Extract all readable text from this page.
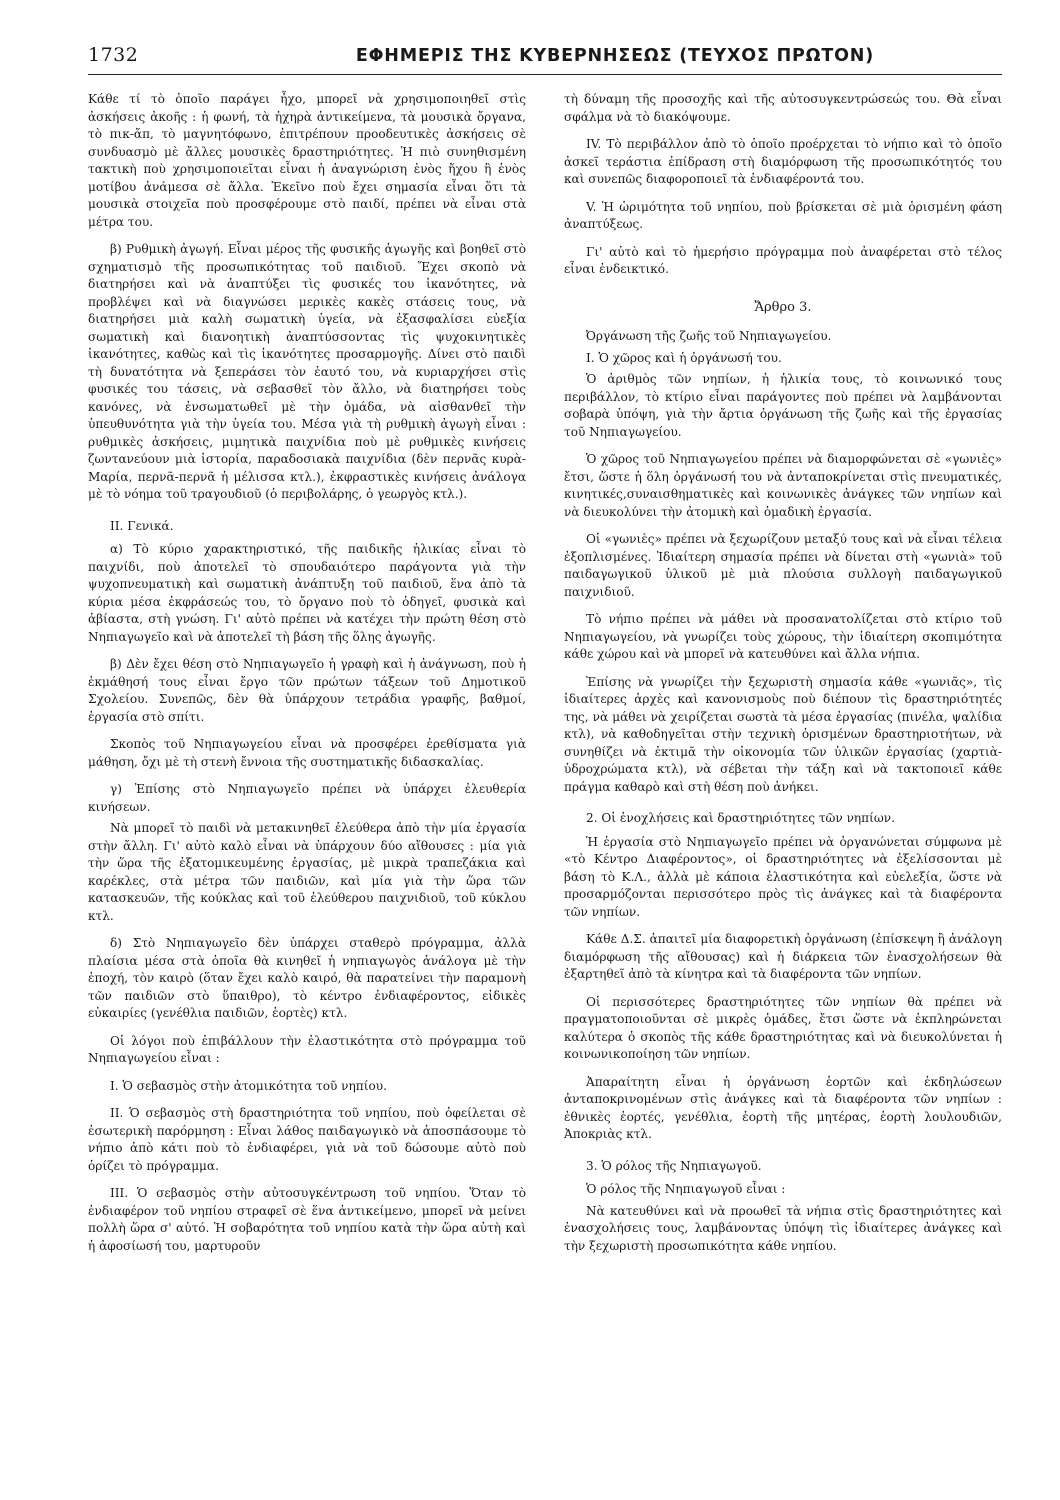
1732	ΕΦΗΜΕΡΙΣ ΤΗΣ ΚΥΒΕΡΝΗΣΕΩΣ (ΤΕΥΧΟΣ ΠΡΩΤΟΝ)

Κάθε τί τὸ ὁποῖο παράγει ἦχο, μπορεῖ νὰ χρησιμοποιηθεῖ στὶς ἀσκήσεις ἀκοῆς : ἡ φωνή, τὰ ἠχηρὰ ἀντικείμενα, τὰ μουσικὰ ὄργανα, τὸ πικ-ἄπ, τὸ μαγνητόφωνο, ἐπιτρέπουν προοδευτικὲς ἀσκήσεις σὲ συνδυασμὸ μὲ ἄλλες μουσικὲς δραστηριότητες. Ἡ πιὸ συνηθισμένη τακτικὴ ποὺ χρησιμοποιεῖται εἶναι ἡ ἀναγνώριση ἑνὸς ἤχου ἢ ἑνὸς μοτίβου ἀνάμεσα σὲ ἄλλα. Ἐκεῖνο ποὺ ἔχει σημασία εἶναι ὅτι τὰ μουσικὰ στοιχεῖα ποὺ προσφέρουμε στὸ παιδί, πρέπει νὰ εἶναι στὰ μέτρα του.

β) Ρυθμικὴ ἀγωγή. Εἶναι μέρος τῆς φυσικῆς ἀγωγῆς καὶ βοηθεῖ στὸ σχηματισμὸ τῆς προσωπικότητας τοῦ παιδιοῦ. Ἔχει σκοπὸ νὰ διατηρήσει καὶ νὰ ἀναπτύξει τὶς φυσικές του ἱκανότητες, νὰ προβλέψει καὶ νὰ διαγνώσει μερικὲς κακὲς στάσεις τους, νὰ διατηρήσει μιὰ καλὴ σωματικὴ ὑγεία, νὰ ἐξασφαλίσει εὐεξία σωματικὴ καὶ διανοητικὴ ἀναπτύσσοντας τὶς ψυχοκινητικὲς ἱκανότητες, καθὼς καὶ τὶς ἱκανότητες προσαρμογῆς. Δίνει στὸ παιδὶ τὴ δυνατότητα νὰ ξεπεράσει τὸν ἑαυτό του, νὰ κυριαρχήσει στὶς φυσικές του τάσεις, νὰ σεβασθεῖ τὸν ἄλλο, νὰ διατηρήσει τοὺς κανόνες, νὰ ἐνσωματωθεῖ μὲ τὴν ὁμάδα, νὰ αἰσθανθεῖ τὴν ὑπευθυνότητα γιὰ τὴν ὑγεία του. Μέσα γιὰ τὴ ρυθμικὴ ἀγωγὴ εἶναι : ρυθμικὲς ἀσκήσεις, μιμητικὰ παιχνίδια ποὺ μὲ ρυθμικὲς κινήσεις ζωντανεύουν μιὰ ἱστορία, παραδοσιακὰ παιχνίδια (δὲν περνᾶς κυρὰ-Μαρία, περνᾶ-περνᾶ ἡ μέλισσα κτλ.), ἐκφραστικὲς κινήσεις ἀνάλογα μὲ τὸ νόημα τοῦ τραγουδιοῦ (ὁ περιβολάρης, ὁ γεωργὸς κτλ.).

II. Γενικά.

α) Τὸ κύριο χαρακτηριστικό, τῆς παιδικῆς ἡλικίας εἶναι τὸ παιχνίδι, ποὺ ἀποτελεῖ τὸ σπουδαιότερο παράγοντα γιὰ τὴν ψυχοπνευματικὴ καὶ σωματικὴ ἀνάπτυξη τοῦ παιδιοῦ, ἕνα ἀπὸ τὰ κύρια μέσα ἐκφράσεώς του, τὸ ὄργανο ποὺ τὸ ὁδηγεῖ, φυσικὰ καὶ ἀβίαστα, στὴ γνώση. Γι' αὐτὸ πρέπει νὰ κατέχει τὴν πρώτη θέση στὸ Νηπιαγωγεῖο καὶ νὰ ἀποτελεῖ τὴ βάση τῆς ὅλης ἀγωγῆς.

β) Δὲν ἔχει θέση στὸ Νηπιαγωγεῖο ἡ γραφὴ καὶ ἡ ἀνάγνωση, ποὺ ἡ ἐκμάθησή τους εἶναι ἔργο τῶν πρώτων τάξεων τοῦ Δημοτικοῦ Σχολείου. Συνεπῶς, δὲν θὰ ὑπάρχουν τετράδια γραφῆς, βαθμοί, ἐργασία στὸ σπίτι.

Σκοπὸς τοῦ Νηπιαγωγείου εἶναι νὰ προσφέρει ἐρεθίσματα γιὰ μάθηση, ὄχι μὲ τὴ στενὴ ἔννοια τῆς συστηματικῆς διδασκαλίας.

γ) Ἐπίσης στὸ Νηπιαγωγεῖο πρέπει νὰ ὑπάρχει ἐλευθερία κινήσεων.

Νὰ μπορεῖ τὸ παιδὶ νὰ μετακινηθεῖ ἐλεύθερα ἀπὸ τὴν μία ἐργασία στὴν ἄλλη. Γι' αὐτὸ καλὸ εἶναι νὰ ὑπάρχουν δύο αἴθουσες : μία γιὰ τὴν ὥρα τῆς ἐξατομικευμένης ἐργασίας, μὲ μικρὰ τραπεζάκια καὶ καρέκλες, στὰ μέτρα τῶν παιδιῶν, καὶ μία γιὰ τὴν ὥρα τῶν κατασκευῶν, τῆς κούκλας καὶ τοῦ ἐλεύθερου παιχνιδιοῦ, τοῦ κύκλου κτλ.

δ) Στὸ Νηπιαγωγεῖο δὲν ὑπάρχει σταθερὸ πρόγραμμα, ἀλλὰ πλαίσια μέσα στὰ ὁποῖα θὰ κινηθεῖ ἡ νηπιαγωγὸς ἀνάλογα μὲ τὴν ἐποχή, τὸν καιρὸ (ὅταν ἔχει καλὸ καιρό, θὰ παρατείνει τὴν παραμονὴ τῶν παιδιῶν στὸ ὕπαιθρο), τὸ κέντρο ἐνδιαφέροντος, εἰδικὲς εὐκαιρίες (γενέθλια παιδιῶν, ἑορτὲς) κτλ.

Οἱ λόγοι ποὺ ἐπιβάλλουν τὴν ἐλαστικότητα στὸ πρόγραμμα τοῦ Νηπιαγωγείου εἶναι :

I. Ὁ σεβασμὸς στὴν ἀτομικότητα τοῦ νηπίου.

II. Ὁ σεβασμὸς στὴ δραστηριότητα τοῦ νηπίου, ποὺ ὀφείλεται σὲ ἐσωτερικὴ παρόρμηση : Εἶναι λάθος παιδαγωγικὸ νὰ ἀποσπάσουμε τὸ νήπιο ἀπὸ κάτι ποὺ τὸ ἐνδιαφέρει, γιὰ νὰ τοῦ δώσουμε αὐτὸ ποὺ ὁρίζει τὸ πρόγραμμα.

III. Ὁ σεβασμὸς στὴν αὐτοσυγκέντρωση τοῦ νηπίου. Ὅταν τὸ ἐνδιαφέρον τοῦ νηπίου στραφεῖ σὲ ἕνα ἀντικείμενο, μπορεῖ νὰ μείνει πολλὴ ὥρα σ' αὐτό. Ἡ σοβαρότητα τοῦ νηπίου κατὰ τὴν ὥρα αὐτὴ καὶ ἡ ἀφοσίωσή του, μαρτυροῦν

τὴ δύναμη τῆς προσοχῆς καὶ τῆς αὐτοσυγκεντρώσεώς του. Θὰ εἶναι σφάλμα νὰ τὸ διακόψουμε.

IV. Τὸ περιβάλλον ἀπὸ τὸ ὁποῖο προέρχεται τὸ νήπιο καὶ τὸ ὁποῖο ἀσκεῖ τεράστια ἐπίδραση στὴ διαμόρφωση τῆς προσωπικότητός του καὶ συνεπῶς διαφοροποιεῖ τὰ ἐνδιαφέροντά του.

V. Ἡ ὡριμότητα τοῦ νηπίου, ποὺ βρίσκεται σὲ μιὰ ὁρισμένη φάση ἀναπτύξεως.

Γι' αὐτὸ καὶ τὸ ἡμερήσιο πρόγραμμα ποὺ ἀναφέρεται στὸ τέλος εἶναι ἐνδεικτικό.

Ἄρθρο 3.

Ὀργάνωση τῆς ζωῆς τοῦ Νηπιαγωγείου.

I. Ὁ χῶρος καὶ ἡ ὀργάνωσή του.

Ὁ ἀριθμὸς τῶν νηπίων, ἡ ἡλικία τους, τὸ κοινωνικό τους περιβάλλον, τὸ κτίριο εἶναι παράγοντες ποὺ πρέπει νὰ λαμβάνονται σοβαρὰ ὑπόψη, γιὰ τὴν ἄρτια ὀργάνωση τῆς ζωῆς καὶ τῆς ἐργασίας τοῦ Νηπιαγωγείου.

Ὁ χῶρος τοῦ Νηπιαγωγείου πρέπει νὰ διαμορφώνεται σὲ «γωνιὲς» ἔτσι, ὥστε ἡ ὅλη ὀργάνωσή του νὰ ἀνταποκρίνεται στὶς πνευματικές, κινητικές,συναισθηματικὲς καὶ κοινωνικὲς ἀνάγκες τῶν νηπίων καὶ νὰ διευκολύνει τὴν ἀτομικὴ καὶ ὁμαδικὴ ἐργασία.

Οἱ «γωνιὲς» πρέπει νὰ ξεχωρίζουν μεταξύ τους καὶ νὰ εἶναι τέλεια ἐξοπλισμένες. Ἰδιαίτερη σημασία πρέπει νὰ δίνεται στὴ «γωνιὰ» τοῦ παιδαγωγικοῦ ὑλικοῦ μὲ μιὰ πλούσια συλλογὴ παιδαγωγικοῦ παιχνιδιοῦ.

Τὸ νήπιο πρέπει νὰ μάθει νὰ προσανατολίζεται στὸ κτίριο τοῦ Νηπιαγωγείου, νὰ γνωρίζει τοὺς χώρους, τὴν ἰδιαίτερη σκοπιμότητα κάθε χώρου καὶ νὰ μπορεῖ νὰ κατευθύνει καὶ ἄλλα νήπια.

Ἐπίσης νὰ γνωρίζει τὴν ξεχωριστὴ σημασία κάθε «γωνιᾶς», τὶς ἰδιαίτερες ἀρχὲς καὶ κανονισμοὺς ποὺ διέπουν τὶς δραστηριότητές της, νὰ μάθει νὰ χειρίζεται σωστὰ τὰ μέσα ἐργασίας (πινέλα, ψαλίδια κτλ), νὰ καθοδηγεῖται στὴν τεχνικὴ ὁρισμένων δραστηριοτήτων, νὰ συνηθίζει νὰ ἐκτιμᾶ τὴν οἰκονομία τῶν ὑλικῶν ἐργασίας (χαρτιὰ-ὑδροχρώματα κτλ), νὰ σέβεται τὴν τάξη καὶ νὰ τακτοποιεῖ κάθε πράγμα καθαρὸ καὶ στὴ θέση ποὺ ἀνήκει.

2. Οἱ ἐνοχλήσεις καὶ δραστηριότητες τῶν νηπίων.

Ἡ ἐργασία στὸ Νηπιαγωγεῖο πρέπει νὰ ὀργανώνεται σύμφωνα μὲ «τὸ Κέντρο Διαφέροντος», οἱ δραστηριότητες νὰ ἐξελίσσονται μὲ βάση τὸ Κ.Λ., ἀλλὰ μὲ κάποια ἐλαστικότητα καὶ εὐελεξία, ὥστε νὰ προσαρμόζονται περισσότερο πρὸς τὶς ἀνάγκες καὶ τὰ διαφέροντα τῶν νηπίων.

Κάθε Δ.Σ. ἀπαιτεῖ μία διαφορετικὴ ὀργάνωση (ἐπίσκεψη ἢ ἀνάλογη διαμόρφωση τῆς αἴθουσας) καὶ ἡ διάρκεια τῶν ἐνασχολήσεων θὰ ἐξαρτηθεῖ ἀπὸ τὰ κίνητρα καὶ τὰ διαφέροντα τῶν νηπίων.

Οἱ περισσότερες δραστηριότητες τῶν νηπίων θὰ πρέπει νὰ πραγματοποιοῦνται σὲ μικρὲς ὁμάδες, ἔτσι ὥστε νὰ ἐκπληρώνεται καλύτερα ὁ σκοπὸς τῆς κάθε δραστηριότητας καὶ νὰ διευκολύνεται ἡ κοινωνικοποίηση τῶν νηπίων.

Ἀπαραίτητη εἶναι ἡ ὀργάνωση ἑορτῶν καὶ ἐκδηλώσεων ἀνταποκρινομένων στὶς ἀνάγκες καὶ τὰ διαφέροντα τῶν νηπίων : ἐθνικὲς ἑορτές, γενέθλια, ἑορτὴ τῆς μητέρας, ἑορτὴ λουλουδιῶν, Ἀποκριὰς κτλ.

3. Ὁ ρόλος τῆς Νηπιαγωγοῦ.

Ὁ ρόλος τῆς Νηπιαγωγοῦ εἶναι :

Νὰ κατευθύνει καὶ νὰ προωθεῖ τὰ νήπια στὶς δραστηριότητες καὶ ἐνασχολήσεις τους, λαμβάνοντας ὑπόψη τὶς ἰδιαίτερες ἀνάγκες καὶ τὴν ξεχωριστὴ προσωπικότητα κάθε νηπίου.
